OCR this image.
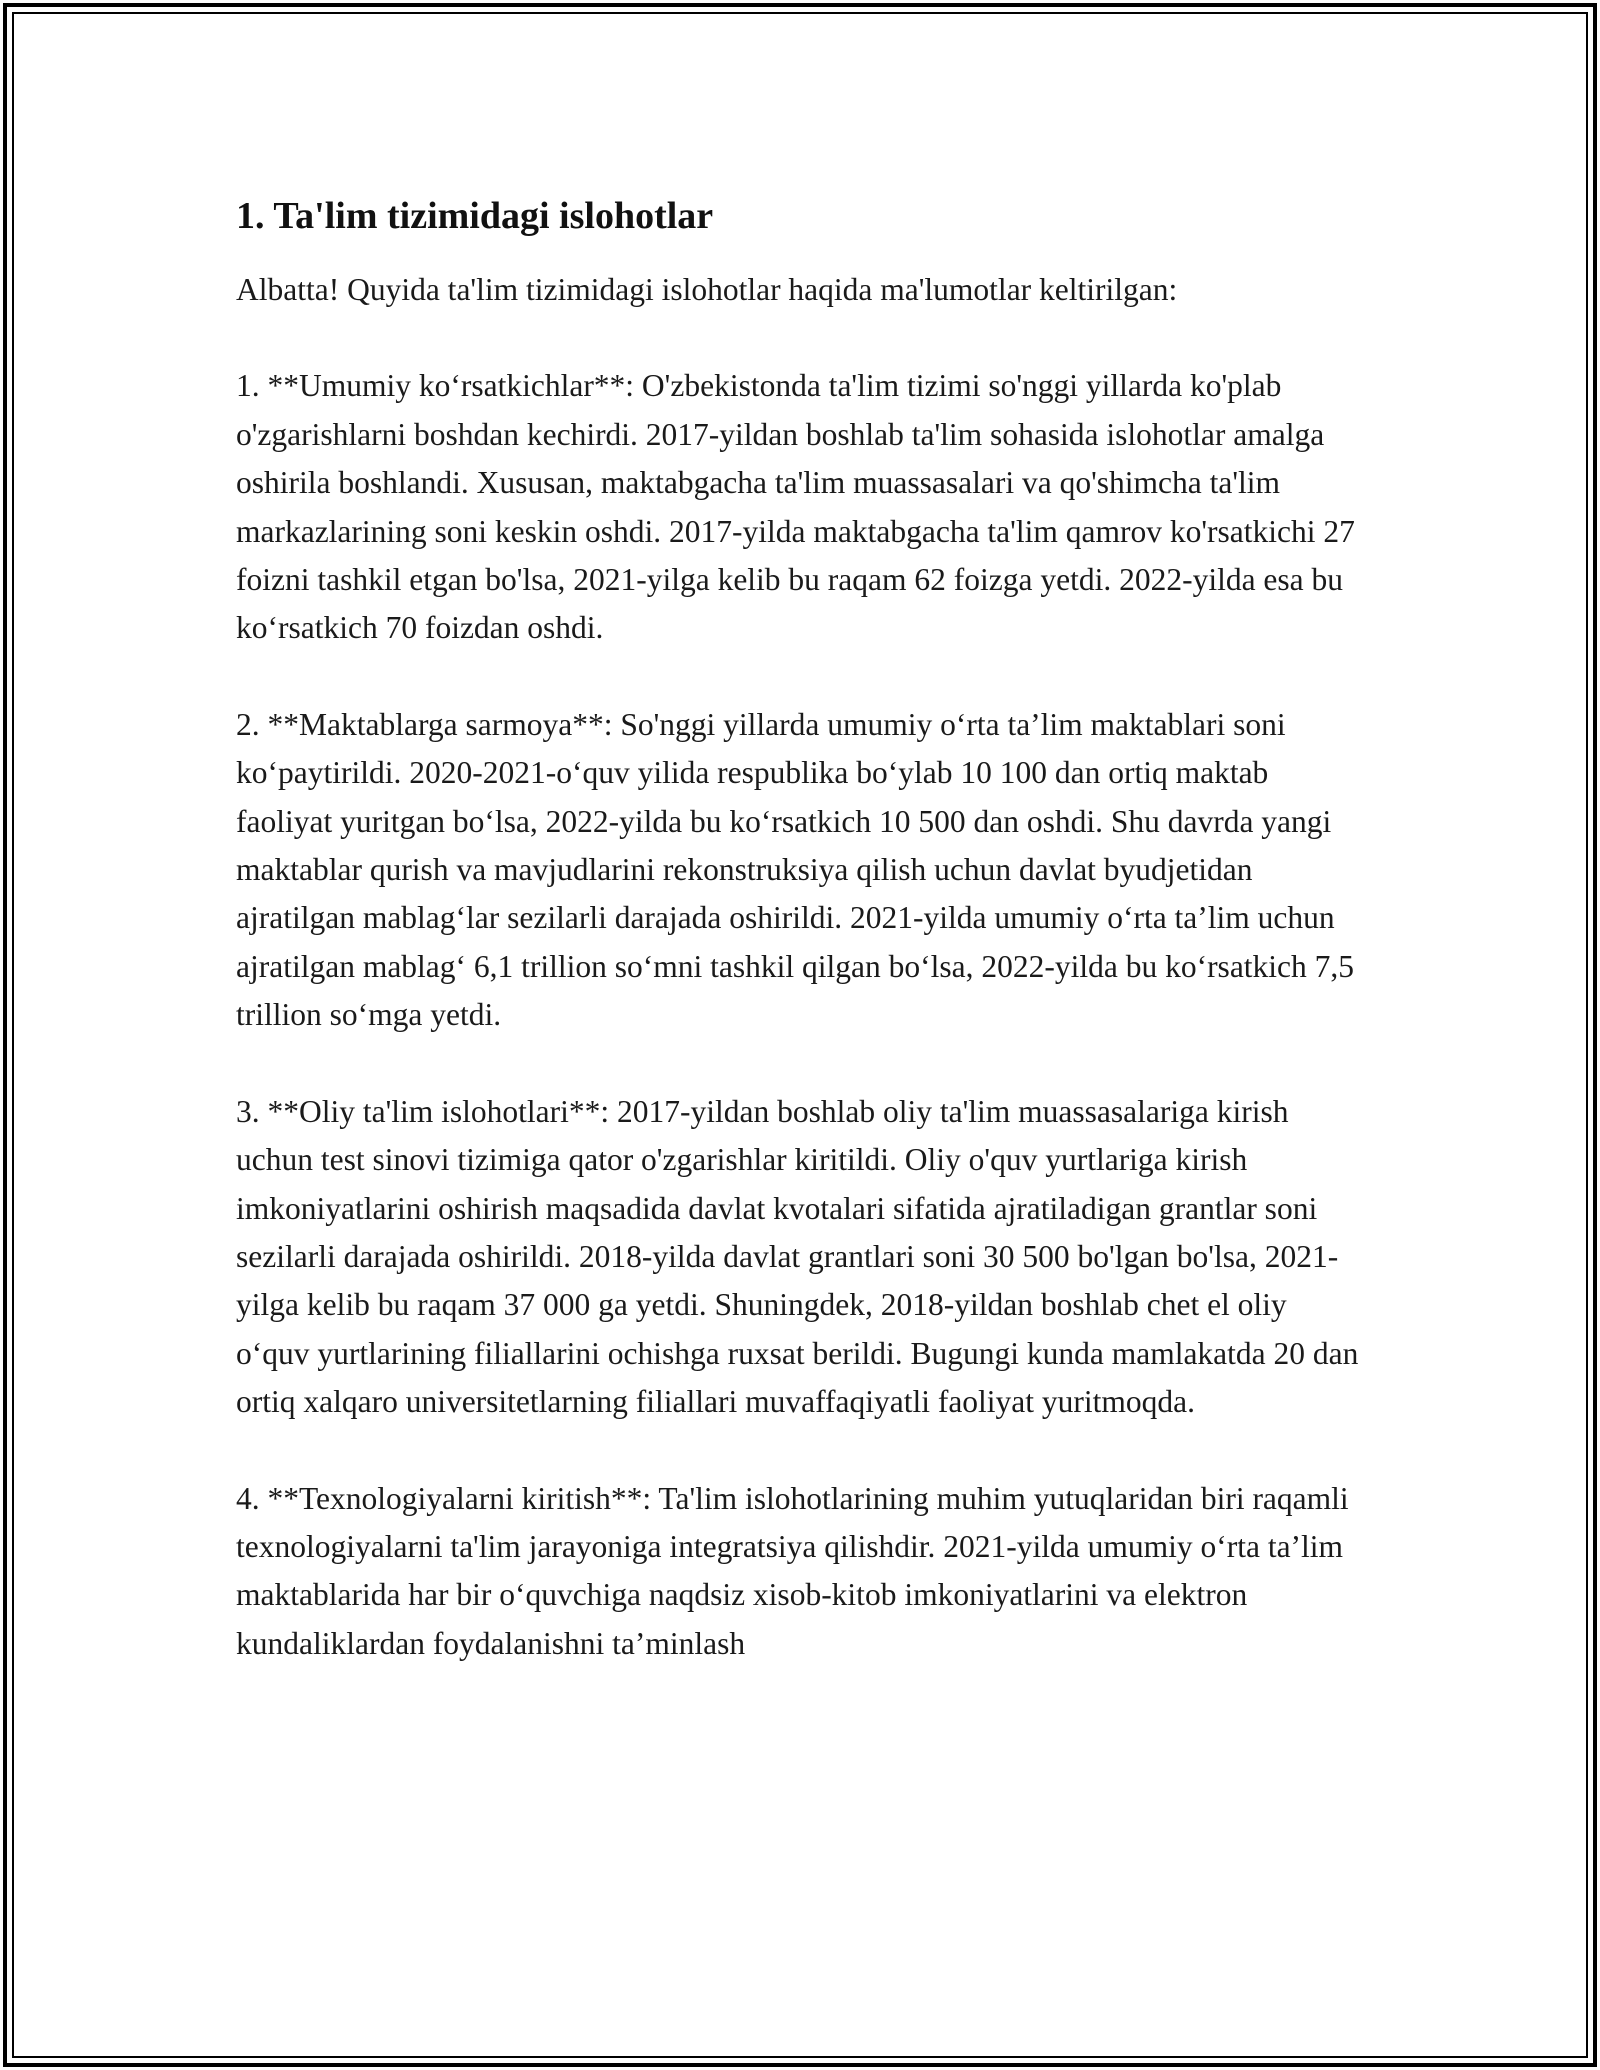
1. Ta'lim tizimidagi islohotlar

Albatta! Quyida ta'lim tizimidagi islohotlar haqida ma'lumotlar keltirilgan:

1. **Umumiy koʻrsatkichlar**: O'zbekistonda ta'lim tizimi so'nggi yillarda ko'plab o'zgarishlarni boshdan kechirdi. 2017-yildan boshlab ta'lim sohasida islohotlar amalga oshirila boshlandi. Xususan, maktabgacha ta'lim muassasalari va qo'shimcha ta'lim markazlarining soni keskin oshdi. 2017-yilda maktabgacha ta'lim qamrov ko'rsatkichi 27 foizni tashkil etgan bo'lsa, 2021-yilga kelib bu raqam 62 foizga yetdi. 2022-yilda esa bu koʻrsatkich 70 foizdan oshdi.

2. **Maktablarga sarmoya**: So'nggi yillarda umumiy oʻrta ta’lim maktablari soni koʻpaytirildi. 2020-2021-oʻquv yilida respublika boʻylab 10 100 dan ortiq maktab faoliyat yuritgan boʻlsa, 2022-yilda bu koʻrsatkich 10 500 dan oshdi. Shu davrda yangi maktablar qurish va mavjudlarini rekonstruksiya qilish uchun davlat byudjetidan ajratilgan mablagʻlar sezilarli darajada oshirildi. 2021-yilda umumiy oʻrta ta’lim uchun ajratilgan mablagʻ 6,1 trillion soʻmni tashkil qilgan boʻlsa, 2022-yilda bu koʻrsatkich 7,5 trillion soʻmga yetdi.

3. **Oliy ta'lim islohotlari**: 2017-yildan boshlab oliy ta'lim muassasalariga kirish uchun test sinovi tizimiga qator o'zgarishlar kiritildi. Oliy o'quv yurtlariga kirish imkoniyatlarini oshirish maqsadida davlat kvotalari sifatida ajratiladigan grantlar soni sezilarli darajada oshirildi. 2018-yilda davlat grantlari soni 30 500 bo'lgan bo'lsa, 2021-yilga kelib bu raqam 37 000 ga yetdi. Shuningdek, 2018-yildan boshlab chet el oliy oʻquv yurtlarining filiallarini ochishga ruxsat berildi. Bugungi kunda mamlakatda 20 dan ortiq xalqaro universitetlarning filiallari muvaffaqiyatli faoliyat yuritmoqda.

4. **Texnologiyalarni kiritish**: Ta'lim islohotlarining muhim yutuqlaridan biri raqamli texnologiyalarni ta'lim jarayoniga integratsiya qilishdir. 2021-yilda umumiy oʻrta ta’lim maktablarida har bir oʻquvchiga naqdsiz xisob-kitob imkoniyatlarini va elektron kundaliklardan foydalanishni ta’minlash
